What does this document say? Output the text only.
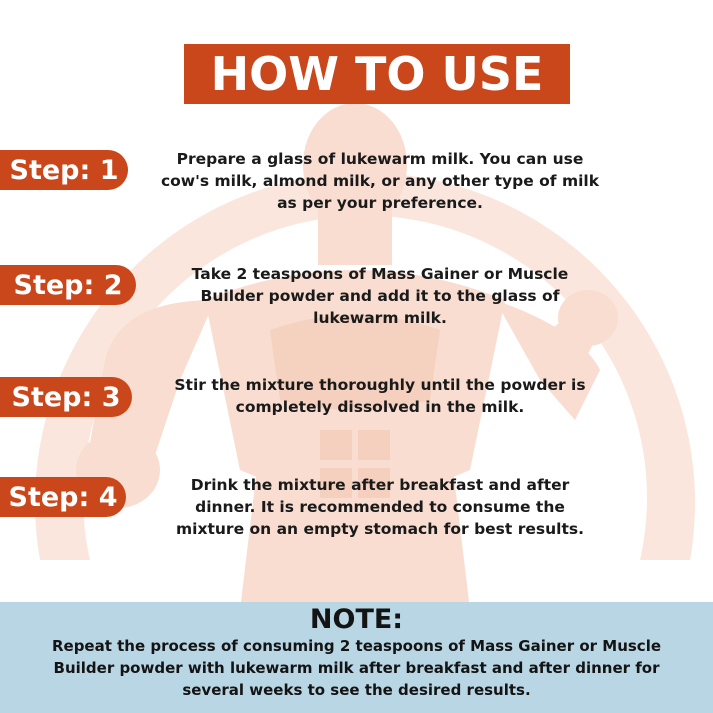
HOW TO USE
Step: 1	Prepare a glass of lukewarm milk. You can use cow's milk, almond milk, or any other type of milk as per your preference.
Step: 2	Take 2 teaspoons of Mass Gainer or Muscle Builder powder and add it to the glass of lukewarm milk.
Step: 3	Stir the mixture thoroughly until the powder is completely dissolved in the milk.
Step: 4	Drink the mixture after breakfast and after dinner. It is recommended to consume the mixture on an empty stomach for best results.
NOTE:
Repeat the process of consuming 2 teaspoons of Mass Gainer or Muscle Builder powder with lukewarm milk after breakfast and after dinner for several weeks to see the desired results.
